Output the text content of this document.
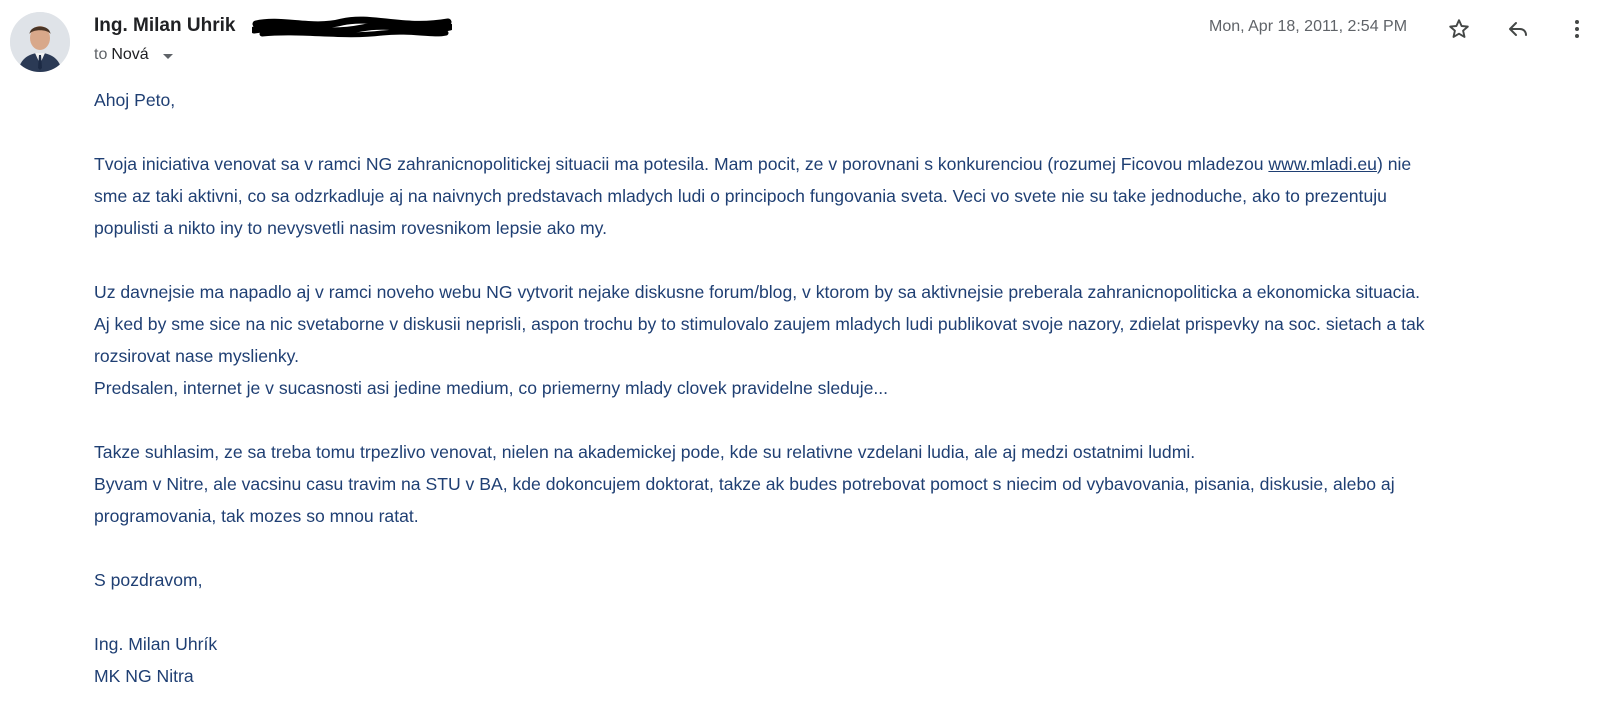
Ing. Milan Uhrik
to Nová
Mon, Apr 18, 2011, 2:54 PM

Ahoj Peto,

Tvoja iniciativa venovat sa v ramci NG zahranicnopolitickej situacii ma potesila. Mam pocit, ze v porovnani s konkurenciou (rozumej Ficovou mladezou www.mladi.eu) nie

sme az taki aktivni, co sa odzrkadluje aj na naivnych predstavach mladych ludi o principoch fungovania sveta. Veci vo svete nie su take jednoduche, ako to prezentuju

populisti a nikto iny to nevysvetli nasim rovesnikom lepsie ako my.

Uz davnejsie ma napadlo aj v ramci noveho webu NG vytvorit nejake diskusne forum/blog, v ktorom by sa aktivnejsie preberala zahranicnopoliticka a ekonomicka situacia.

Aj ked by sme sice na nic svetaborne v diskusii neprisli, aspon trochu by to stimulovalo zaujem mladych ludi publikovat svoje nazory, zdielat prispevky na soc. sietach a tak

rozsirovat nase myslienky.

Predsalen, internet je v sucasnosti asi jedine medium, co priemerny mlady clovek pravidelne sleduje...

Takze suhlasim, ze sa treba tomu trpezlivo venovat, nielen na akademickej pode, kde su relativne vzdelani ludia, ale aj medzi ostatnimi ludmi.

Byvam v Nitre, ale vacsinu casu travim na STU v BA, kde dokoncujem doktorat, takze ak budes potrebovat pomoct s niecim od vybavovania, pisania, diskusie, alebo aj

programovania, tak mozes so mnou ratat.

S pozdravom,

Ing. Milan Uhrík

MK NG Nitra
